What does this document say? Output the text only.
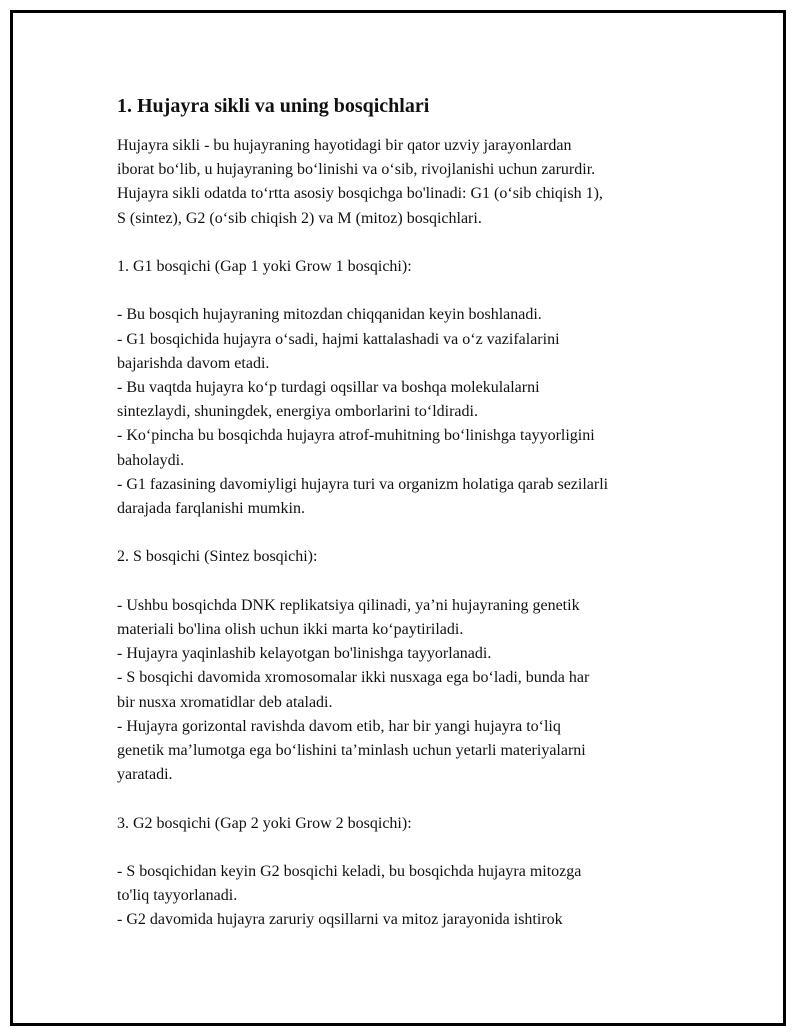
1. Hujayra sikli va uning bosqichlari
Hujayra sikli - bu hujayraning hayotidagi bir qator uzviy jarayonlardan
iborat bo‘lib, u hujayraning bo‘linishi va o‘sib, rivojlanishi uchun zarurdir.
Hujayra sikli odatda to‘rtta asosiy bosqichga bo'linadi: G1 (o‘sib chiqish 1),
S (sintez), G2 (o‘sib chiqish 2) va M (mitoz) bosqichlari.
1. G1 bosqichi (Gap 1 yoki Grow 1 bosqichi):
- Bu bosqich hujayraning mitozdan chiqqanidan keyin boshlanadi.
- G1 bosqichida hujayra o‘sadi, hajmi kattalashadi va o‘z vazifalarini
bajarishda davom etadi.
- Bu vaqtda hujayra ko‘p turdagi oqsillar va boshqa molekulalarni
sintezlaydi, shuningdek, energiya omborlarini to‘ldiradi.
- Ko‘pincha bu bosqichda hujayra atrof-muhitning bo‘linishga tayyorligini
baholaydi.
- G1 fazasining davomiyligi hujayra turi va organizm holatiga qarab sezilarli
darajada farqlanishi mumkin.
2. S bosqichi (Sintez bosqichi):
- Ushbu bosqichda DNK replikatsiya qilinadi, ya’ni hujayraning genetik
materiali bo'lina olish uchun ikki marta ko‘paytiriladi.
- Hujayra yaqinlashib kelayotgan bo'linishga tayyorlanadi.
- S bosqichi davomida xromosomalar ikki nusxaga ega bo‘ladi, bunda har
bir nusxa xromatidlar deb ataladi.
- Hujayra gorizontal ravishda davom etib, har bir yangi hujayra to‘liq
genetik ma’lumotga ega bo‘lishini ta’minlash uchun yetarli materiyalarni
yaratadi.
3. G2 bosqichi (Gap 2 yoki Grow 2 bosqichi):
- S bosqichidan keyin G2 bosqichi keladi, bu bosqichda hujayra mitozga
to'liq tayyorlanadi.
- G2 davomida hujayra zaruriy oqsillarni va mitoz jarayonida ishtirok
